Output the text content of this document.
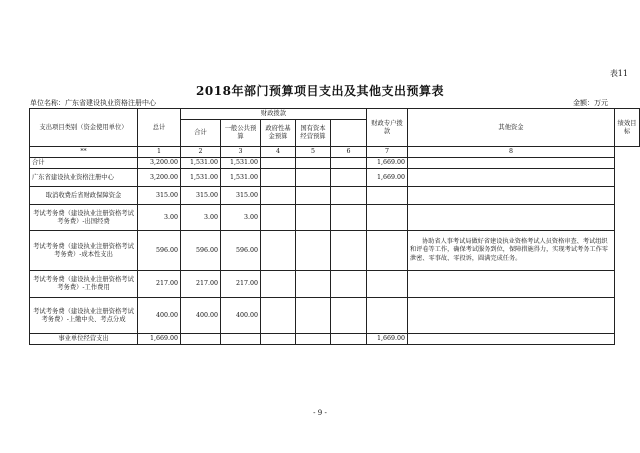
表11
2018年部门预算项目支出及其他支出预算表
单位名称：广东省建设执业资格注册中心	金额：万元
支出项目类别（资金使用单位）	总计	财政拨款					财政专户拨款	其他资金	绩效目标
		合计	一般公共预算	政府性基金预算	国有资本经营预算				
**	1	2	3	4	5	6	7	8	
合计	3,200.00	1,531.00	1,531.00				1,669.00		
广东省建设执业资格注册中心	3,200.00	1,531.00	1,531.00				1,669.00		
取消收费后省财政保障资金	315.00	315.00	315.00						
考试考务费（建设执业注册资格考试考务费）-出国经费	3.00	3.00	3.00						
考试考务费（建设执业注册资格考试考务费）-成本性支出	596.00	596.00	596.00					协助省人事考试局做好省建设执业资格考试人员资格审查、考试组织和评卷等工作，确保考试服务到位，保障措施得力，实现考试考务工作零泄密、零事故、零投诉，圆满完成任务。	
考试考务费（建设执业注册资格考试考务费）-工作费用	217.00	217.00	217.00						
考试考务费（建设执业注册资格考试考务费）-上缴中央、考点分成	400.00	400.00	400.00						
事业单位经营支出	1,669.00						1,669.00		
- 9 -
